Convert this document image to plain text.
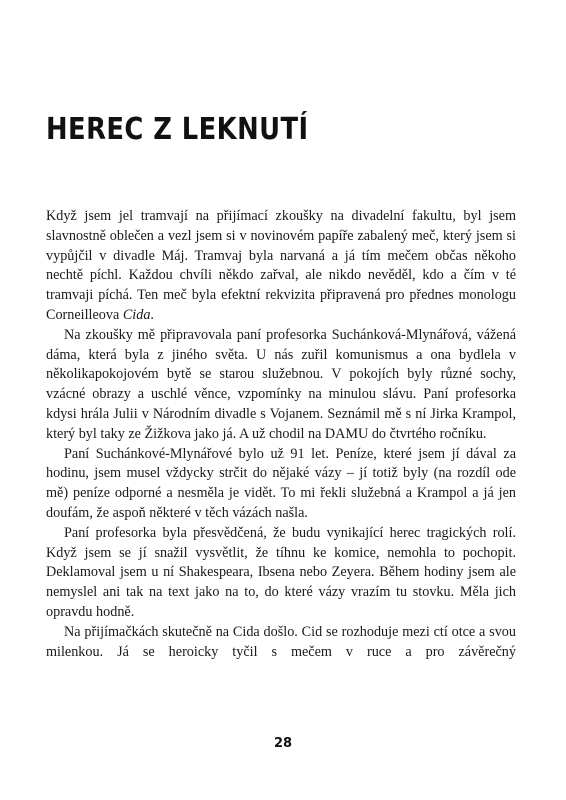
HEREC Z LEKNUTÍ

Když jsem jel tramvají na přijímací zkoušky na divadelní fakultu, byl jsem slavnostně oblečen a vezl jsem si v novinovém papíře zabalený meč, který jsem si vypůjčil v divadle Máj. Tramvaj byla narvaná a já tím mečem občas někoho nechtě píchl. Každou chvíli někdo zařval, ale nikdo nevěděl, kdo a čím v té tramvaji píchá. Ten meč byla efektní rekvizita připravená pro přednes monologu Corneilleova Cida.

Na zkoušky mě připravovala paní profesorka Suchánková-Mlynářová, vážená dáma, která byla z jiného světa. U nás zuřil komunismus a ona bydlela v několikapokojovém bytě se starou služebnou. V pokojích byly různé sochy, vzácné obrazy a uschlé věnce, vzpomínky na minulou slávu. Paní profesorka kdysi hrála Julii v Národním divadle s Vojanem. Seznámil mě s ní Jirka Krampol, který byl taky ze Žižkova jako já. A už chodil na DAMU do čtvrtého ročníku.

Paní Suchánkové-Mlynářové bylo už 91 let. Peníze, které jsem jí dával za hodinu, jsem musel vždycky strčit do nějaké vázy – jí totiž byly (na rozdíl ode mě) peníze odporné a nesměla je vidět. To mi řekli služebná a Krampol a já jen doufám, že aspoň některé v těch vázách našla.

Paní profesorka byla přesvědčená, že budu vynikající herec tragických rolí. Když jsem se jí snažil vysvětlit, že tíhnu ke komice, nemohla to pochopit. Deklamoval jsem u ní Shakespeara, Ibsena nebo Zeyera. Během hodiny jsem ale nemyslel ani tak na text jako na to, do které vázy vrazím tu stovku. Měla jich opravdu hodně.

Na přijímačkách skutečně na Cida došlo. Cid se rozhoduje mezi ctí otce a svou milenkou. Já se heroicky tyčil s mečem v ruce a pro závěrečný

28
